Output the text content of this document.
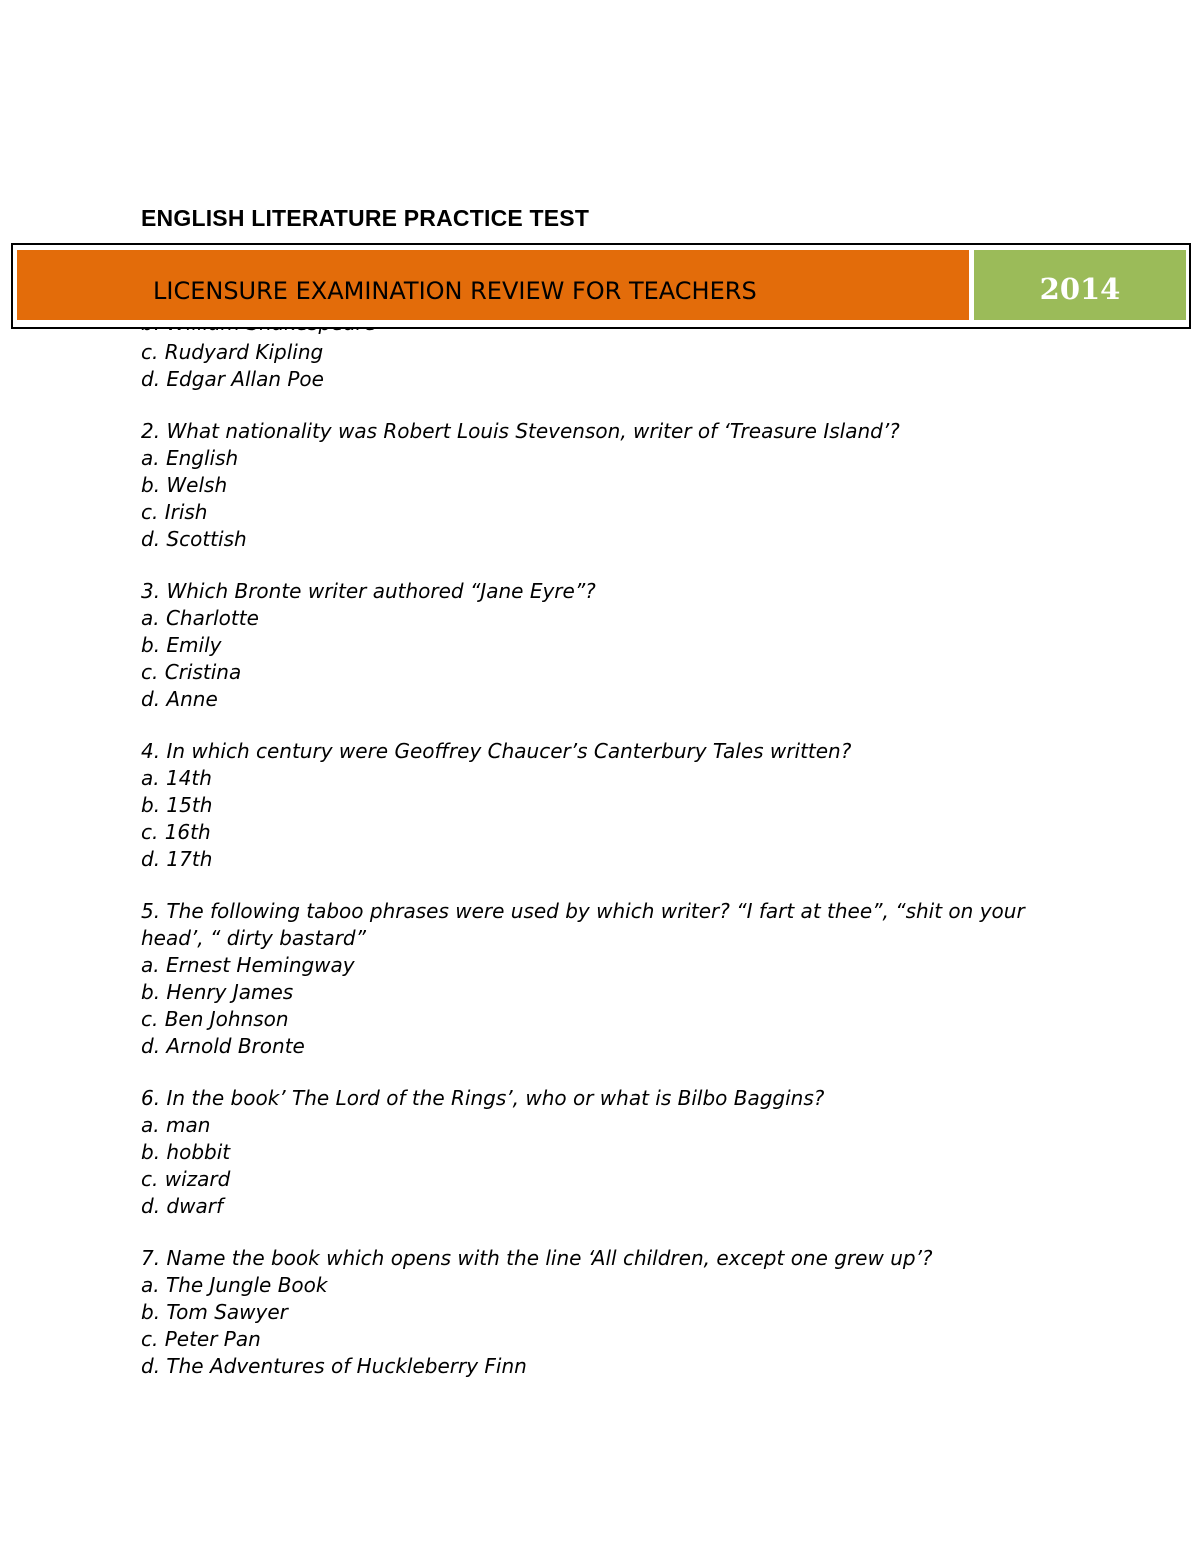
ENGLISH LITERATURE PRACTICE TEST
LICENSURE EXAMINATION REVIEW FOR TEACHERS	2014
c. Rudyard Kipling
d. Edgar Allan Poe
2. What nationality was Robert Louis Stevenson, writer of ‘Treasure Island’?
a. English
b. Welsh
c. Irish
d. Scottish
3. Which Bronte writer authored “Jane Eyre”?
a. Charlotte
b. Emily
c. Cristina
d. Anne
4. In which century were Geoffrey Chaucer’s Canterbury Tales written?
a. 14th
b. 15th
c. 16th
d. 17th
5. The following taboo phrases were used by which writer? “I fart at thee”, “shit on your head’, “ dirty bastard”
a. Ernest Hemingway
b. Henry James
c. Ben Johnson
d. Arnold Bronte
6. In the book’ The Lord of the Rings’, who or what is Bilbo Baggins?
a. man
b. hobbit
c. wizard
d. dwarf
7. Name the book which opens with the line ‘All children, except one grew up’?
a. The Jungle Book
b. Tom Sawyer
c. Peter Pan
d. The Adventures of Huckleberry Finn
